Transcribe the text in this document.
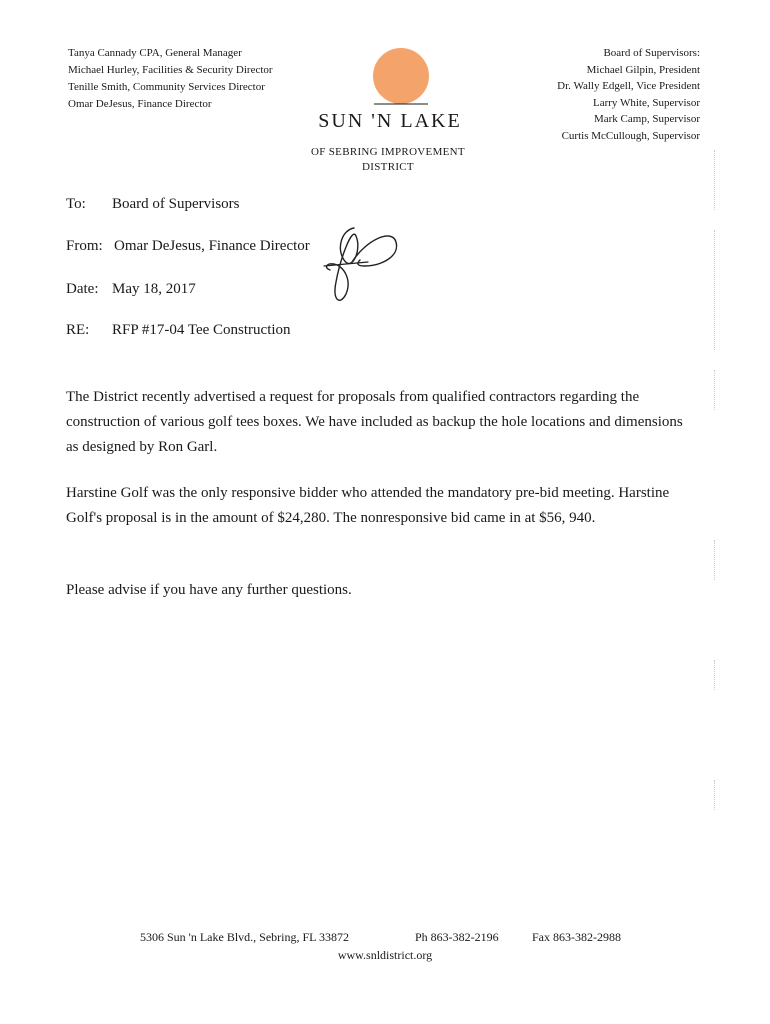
Tanya Cannady CPA, General Manager
Michael Hurley, Facilities & Security Director
Tenille Smith, Community Services Director
Omar DeJesus, Finance Director
SUN 'N LAKE
OF SEBRING IMPROVEMENT
DISTRICT
Board of Supervisors:
Michael Gilpin, President
Dr. Wally Edgell, Vice President
Larry White, Supervisor
Mark Camp, Supervisor
Curtis McCullough, Supervisor
To: Board of Supervisors
From: Omar DeJesus, Finance Director
Date: May 18, 2017
RE: RFP #17-04 Tee Construction
The District recently advertised a request for proposals from qualified contractors regarding the construction of various golf tees boxes. We have included as backup the hole locations and dimensions as designed by Ron Garl.
Harstine Golf was the only responsive bidder who attended the mandatory pre-bid meeting. Harstine Golf's proposal is in the amount of $24,280. The nonresponsive bid came in at $56, 940.
Please advise if you have any further questions.
5306 Sun 'n Lake Blvd., Sebring, FL 33872	Ph 863-382-2196	Fax 863-382-2988
www.snldistrict.org
